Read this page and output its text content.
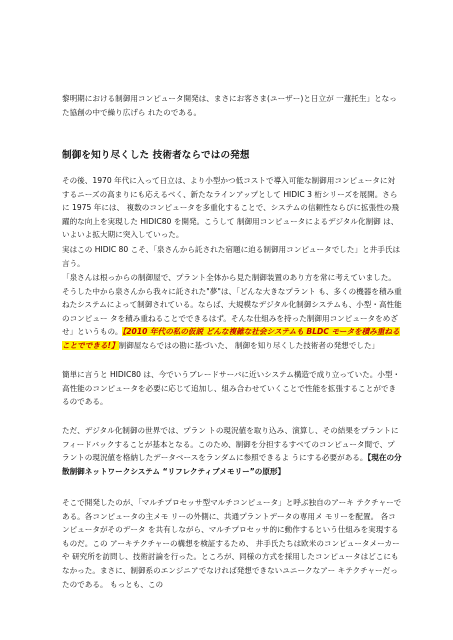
黎明期における制御用コンピュータ開発は、まさにお客さま(ユーザー)と日立が 一蓮托生」となった協創の中で繰り広げら れたのである。

制御を知り尽くした 技術者ならではの発想

その後、1970 年代に入って日立は、より小型かつ低コストで導入可能な制御用コンピュータに対するニーズの高まりにも応えるべく、新たなラインアップとして HIDIC 3 桁シリーズを展開。さらに 1975 年には、 複数のコンピュータを多重化することで、システムの信頼性ならびに拡張性の飛躍的な向上を実現した HIDIC80 を開発。こうして 制御用コンピュータによるデジタル化制御 は、いよいよ拡大期に突入していった。

実はこの HIDIC 80 こそ、「泉さんから託された宿題に迫る制御用コンピュータでした」と井手氏は言う。

「泉さんは根っからの制御屋で、プラント全体から見た制御装置のあり方を常に考えていました。そうした中から泉さんから我々に託された"夢"は、「どんな大きなプラント も、多くの機器を積み重ねたシステムによって制御されている。ならば、大規模なデジタル化制御システムも、小型・高性能のコンピュー タを積み重ねることでできるはず。そんな仕組みを持った制御用コンピュータをめざせ」というもの。【2010 年代の私の仮説 どんな複雑な社会システムも BLDC モータを積み重ねることでできる!】制御屋ならではの勘に基づいた、 制御を知り尽くした技術者の発想でした」

簡単に言うと HIDIC80 は、今でいうブレードサーバに近いシステム構造で成り立っていた。小型・高性能のコンピュータを必要に応じて追加し、組み合わせていくことで性能を拡張することができるのである。

ただ、デジタル化制御の世界では、プラン トの現況値を取り込み、演算し、その結果をプラントにフィードバックすることが基本となる。このため、制御を分担するすべてのコンピュータ間で、プラントの現況値を格納したデータベースをランダムに参照できるよ うにする必要がある。【現在の分散制御ネットワークシステム “リフレクティブメモリー”の原形】

そこで開発したのが、「マルチプロセッサ型マルチコンピュータ」と呼ぶ独自のアーキ テクチャーである。各コンピュータの主メモ リーの外側に、共通プラントデータの専用メ モリーを配置。 各コンピュータがそのデータ を共有しながら、マルチプロセッサ的に動作するという仕組みを実現するものだ。この アーキテクチャーの構想を検証するため、 井手氏たちは欧米のコンピュータメーカーや 研究所を訪問し、技術討論を行った。ところが、同様の方式を採用したコンピュータはどこにもなかった。まさに、制御系のエンジニアでなければ発想できないユニークなアー キテクチャーだったのである。 もっとも、この
